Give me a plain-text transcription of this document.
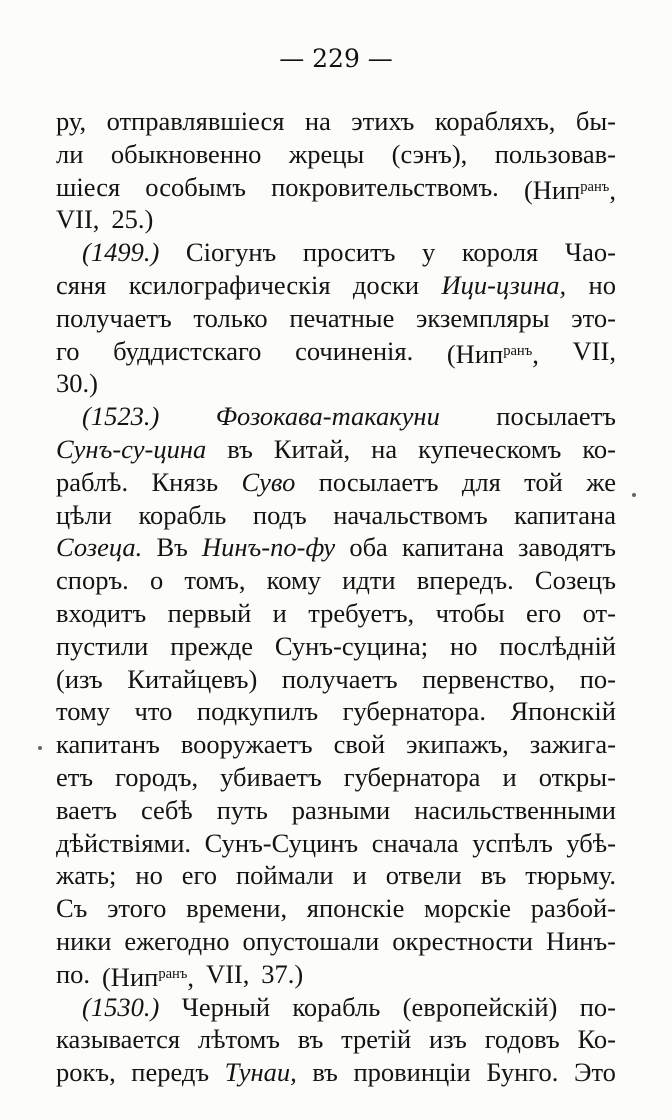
— 229 —
ру, отправлявшіеся на этихъ корабляхъ, бы-
ли обыкновенно жрецы (сэнъ), пользовав-
шіеся особымъ покровительствомъ. (Нип$^{ранъ}$,
VII, 25.)
(1499.) Сіогунъ проситъ у короля Чао-
сяня ксилографическія доски Ици-цзина, но
получаетъ только печатные экземпляры это-
го буддистскаго сочиненія. (Нип$^{ранъ}$, VII,
30.)
(1523.) Фозокава-такакуни посылаетъ
Сунъ-су-цина въ Китай, на купеческомъ ко-
раблѣ. Князь Суво посылаетъ для той же
цѣли корабль подъ начальствомъ капитана
Созеца. Въ Нинъ-по-фу оба капитана заводятъ
споръ. о томъ, кому идти впередъ. Созецъ
входитъ первый и требуетъ, чтобы его от-
пустили прежде Сунъ-суцина; но послѣдній
(изъ Китайцевъ) получаетъ первенство, по-
тому что подкупилъ губернатора. Японскій
капитанъ вооружаетъ свой экипажъ, зажига-
етъ городъ, убиваетъ губернатора и откры-
ваетъ себѣ путь разными насильственными
дѣйствіями. Сунъ-Суцинъ сначала успѣлъ убѣ-
жать; но его поймали и отвели въ тюрьму.
Съ этого времени, японскіе морскіе разбой-
ники ежегодно опустошали окрестности Нинъ-
по. (Нип$^{ранъ}$, VII, 37.)
(1530.) Черный корабль (европейскій) по-
казывается лѣтомъ въ третій изъ годовъ Ко-
рокъ, передъ Тунаи, въ провинціи Бунго. Это
